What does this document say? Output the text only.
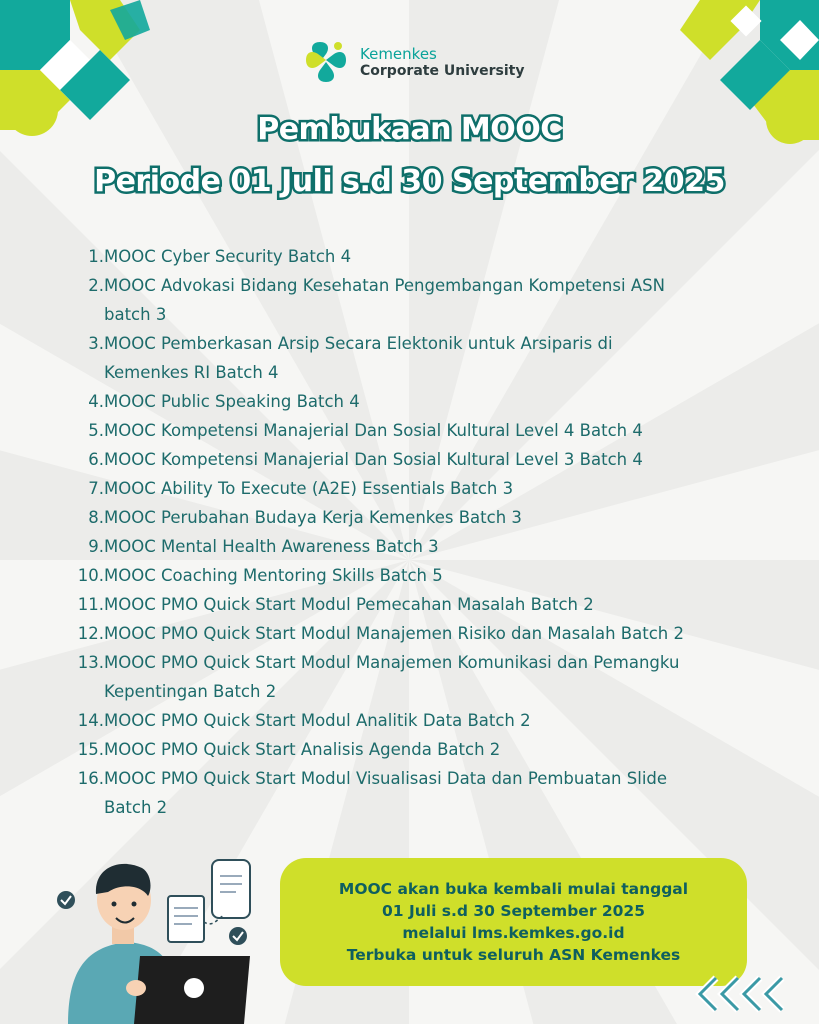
Kemenkes
Corporate University
Pembukaan MOOC
Periode 01 Juli s.d 30 September 2025
1. MOOC Cyber Security Batch 4
2. MOOC Advokasi Bidang Kesehatan Pengembangan Kompetensi ASN
batch 3
3. MOOC Pemberkasan Arsip Secara Elektonik untuk Arsiparis di
Kemenkes RI Batch 4
4. MOOC Public Speaking Batch 4
5. MOOC Kompetensi Manajerial Dan Sosial Kultural Level 4 Batch 4
6. MOOC Kompetensi Manajerial Dan Sosial Kultural Level 3 Batch 4
7. MOOC Ability To Execute (A2E) Essentials Batch 3
8. MOOC Perubahan Budaya Kerja Kemenkes Batch 3
9. MOOC Mental Health Awareness Batch 3
10. MOOC Coaching Mentoring Skills Batch 5
11. MOOC PMO Quick Start Modul Pemecahan Masalah Batch 2
12. MOOC PMO Quick Start Modul Manajemen Risiko dan Masalah Batch 2
13. MOOC PMO Quick Start Modul Manajemen Komunikasi dan Pemangku
Kepentingan Batch 2
14. MOOC PMO Quick Start Modul Analitik Data Batch 2
15. MOOC PMO Quick Start Analisis Agenda Batch 2
16. MOOC PMO Quick Start Modul Visualisasi Data dan Pembuatan Slide
Batch 2
MOOC akan buka kembali mulai tanggal
01 Juli s.d 30 September 2025
melalui lms.kemkes.go.id
Terbuka untuk seluruh ASN Kemenkes
